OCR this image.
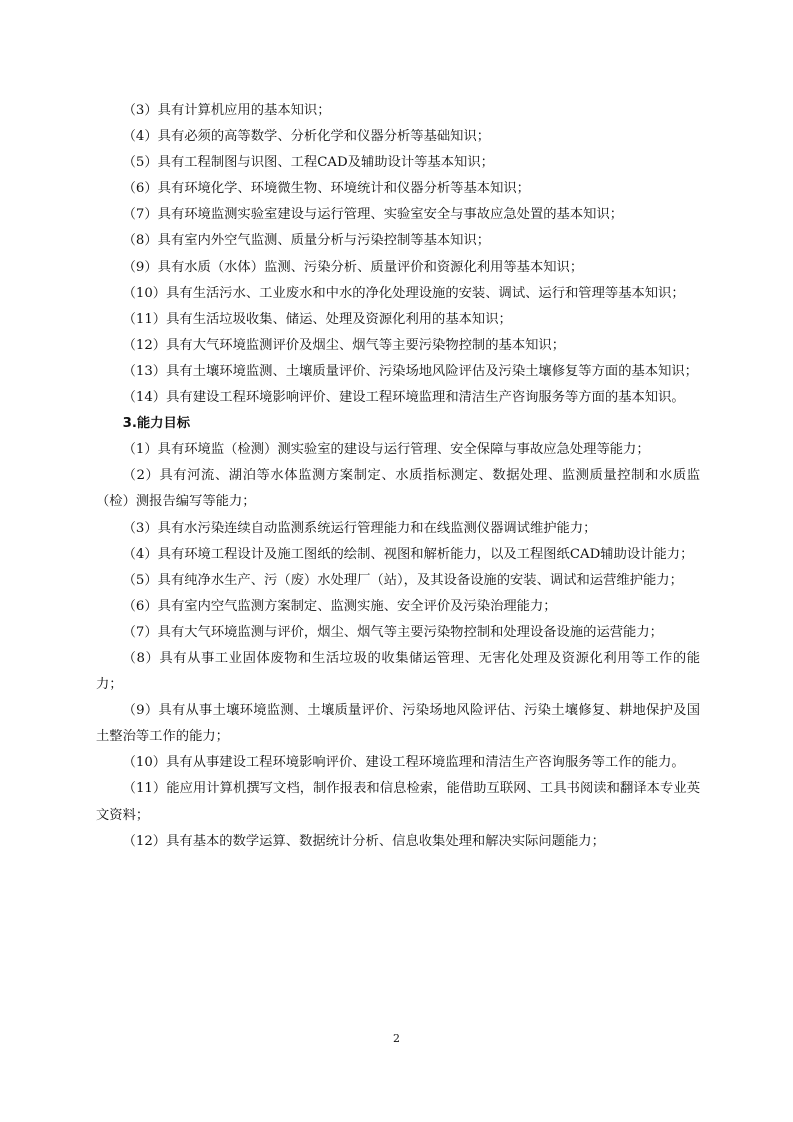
（3）具有计算机应用的基本知识；

（4）具有必须的高等数学、分析化学和仪器分析等基础知识；

（5）具有工程制图与识图、工程CAD及辅助设计等基本知识；

（6）具有环境化学、环境微生物、环境统计和仪器分析等基本知识；

（7）具有环境监测实验室建设与运行管理、实验室安全与事故应急处置的基本知识；

（8）具有室内外空气监测、质量分析与污染控制等基本知识；

（9）具有水质（水体）监测、污染分析、质量评价和资源化利用等基本知识；

（10）具有生活污水、工业废水和中水的净化处理设施的安装、调试、运行和管理等基本知识；

（11）具有生活垃圾收集、储运、处理及资源化利用的基本知识；

（12）具有大气环境监测评价及烟尘、烟气等主要污染物控制的基本知识；

（13）具有土壤环境监测、土壤质量评价、污染场地风险评估及污染土壤修复等方面的基本知识；

（14）具有建设工程环境影响评价、建设工程环境监理和清洁生产咨询服务等方面的基本知识。

3.能力目标

（1）具有环境监（检测）测实验室的建设与运行管理、安全保障与事故应急处理等能力；

（2）具有河流、湖泊等水体监测方案制定、水质指标测定、数据处理、监测质量控制和水质监（检）测报告编写等能力；

（3）具有水污染连续自动监测系统运行管理能力和在线监测仪器调试维护能力；

（4）具有环境工程设计及施工图纸的绘制、视图和解析能力，以及工程图纸CAD辅助设计能力；

（5）具有纯净水生产、污（废）水处理厂（站），及其设备设施的安装、调试和运营维护能力；

（6）具有室内空气监测方案制定、监测实施、安全评价及污染治理能力；

（7）具有大气环境监测与评价，烟尘、烟气等主要污染物控制和处理设备设施的运营能力；

（8）具有从事工业固体废物和生活垃圾的收集储运管理、无害化处理及资源化利用等工作的能力；

（9）具有从事土壤环境监测、土壤质量评价、污染场地风险评估、污染土壤修复、耕地保护及国土整治等工作的能力；

（10）具有从事建设工程环境影响评价、建设工程环境监理和清洁生产咨询服务等工作的能力。

（11）能应用计算机撰写文档，制作报表和信息检索，能借助互联网、工具书阅读和翻译本专业英文资料；

（12）具有基本的数学运算、数据统计分析、信息收集处理和解决实际问题能力；

2
